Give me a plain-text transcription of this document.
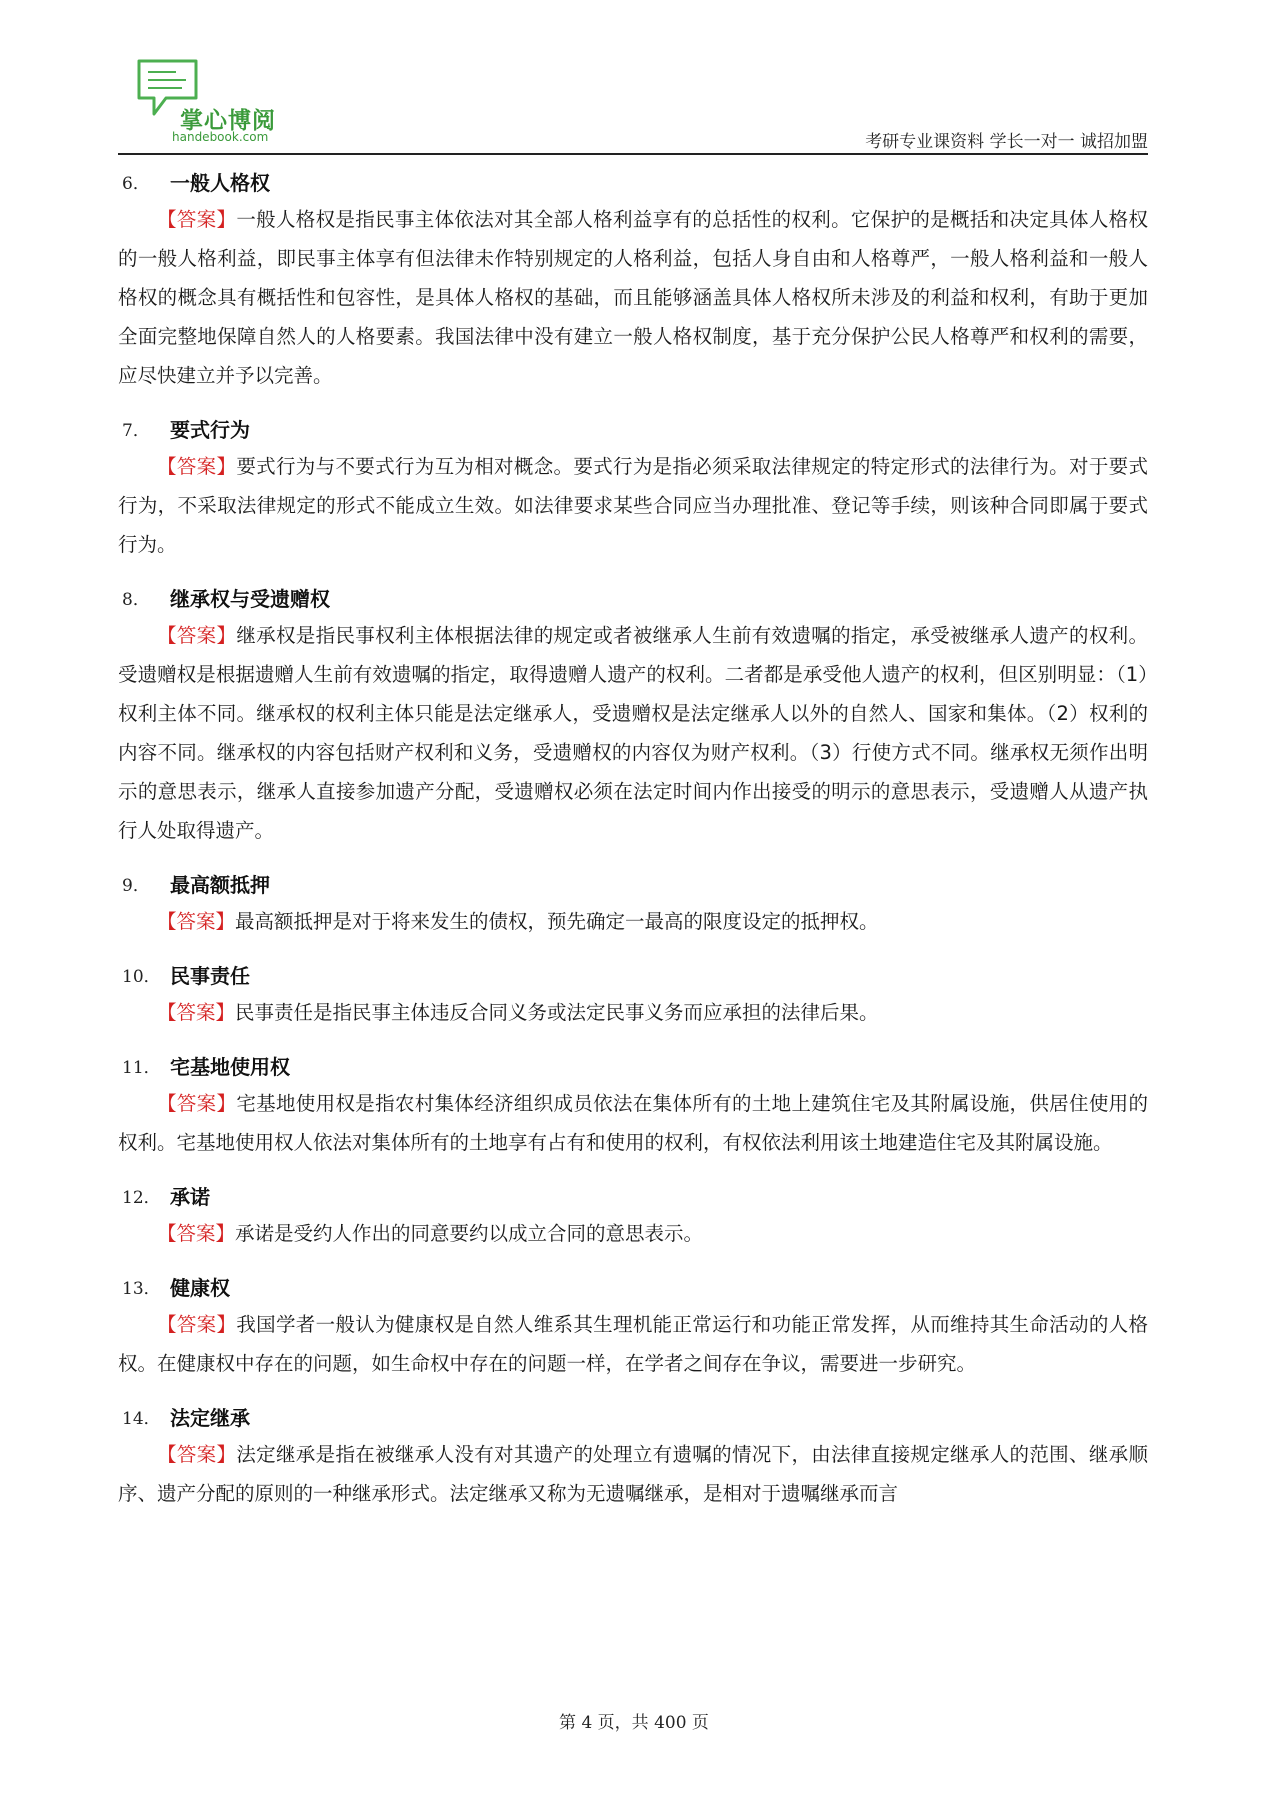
掌心博阅
handebook.com	考研专业课资料 学长一对一 诚招加盟
6．	一般人格权

【答案】一般人格权是指民事主体依法对其全部人格利益享有的总括性的权利。它保护的是概括和决定具体人格权的一般人格利益，即民事主体享有但法律未作特别规定的人格利益，包括人身自由和人格尊严，一般人格利益和一般人格权的概念具有概括性和包容性，是具体人格权的基础，而且能够涵盖具体人格权所未涉及的利益和权利，有助于更加全面完整地保障自然人的人格要素。我国法律中没有建立一般人格权制度，基于充分保护公民人格尊严和权利的需要，应尽快建立并予以完善。

7．	要式行为

【答案】要式行为与不要式行为互为相对概念。要式行为是指必须采取法律规定的特定形式的法律行为。对于要式行为，不采取法律规定的形式不能成立生效。如法律要求某些合同应当办理批准、登记等手续，则该种合同即属于要式行为。

8．	继承权与受遗赠权

【答案】继承权是指民事权利主体根据法律的规定或者被继承人生前有效遗嘱的指定，承受被继承人遗产的权利。受遗赠权是根据遗赠人生前有效遗嘱的指定，取得遗赠人遗产的权利。二者都是承受他人遗产的权利，但区别明显：（1）权利主体不同。继承权的权利主体只能是法定继承人，受遗赠权是法定继承人以外的自然人、国家和集体。（2）权利的内容不同。继承权的内容包括财产权利和义务，受遗赠权的内容仅为财产权利。（3）行使方式不同。继承权无须作出明示的意思表示，继承人直接参加遗产分配，受遗赠权必须在法定时间内作出接受的明示的意思表示，受遗赠人从遗产执行人处取得遗产。

9．	最高额抵押

【答案】最高额抵押是对于将来发生的债权，预先确定一最高的限度设定的抵押权。

10． 民事责任

【答案】民事责任是指民事主体违反合同义务或法定民事义务而应承担的法律后果。

11． 宅基地使用权

【答案】宅基地使用权是指农村集体经济组织成员依法在集体所有的土地上建筑住宅及其附属设施，供居住使用的权利。宅基地使用权人依法对集体所有的土地享有占有和使用的权利，有权依法利用该土地建造住宅及其附属设施。

12． 承诺

【答案】承诺是受约人作出的同意要约以成立合同的意思表示。

13． 健康权

【答案】我国学者一般认为健康权是自然人维系其生理机能正常运行和功能正常发挥，从而维持其生命活动的人格权。在健康权中存在的问题，如生命权中存在的问题一样，在学者之间存在争议，需要进一步研究。

14． 法定继承

【答案】法定继承是指在被继承人没有对其遗产的处理立有遗嘱的情况下，由法律直接规定继承人的范围、继承顺序、遗产分配的原则的一种继承形式。法定继承又称为无遗嘱继承，是相对于遗嘱继承而言

第 4 页，共 400 页
